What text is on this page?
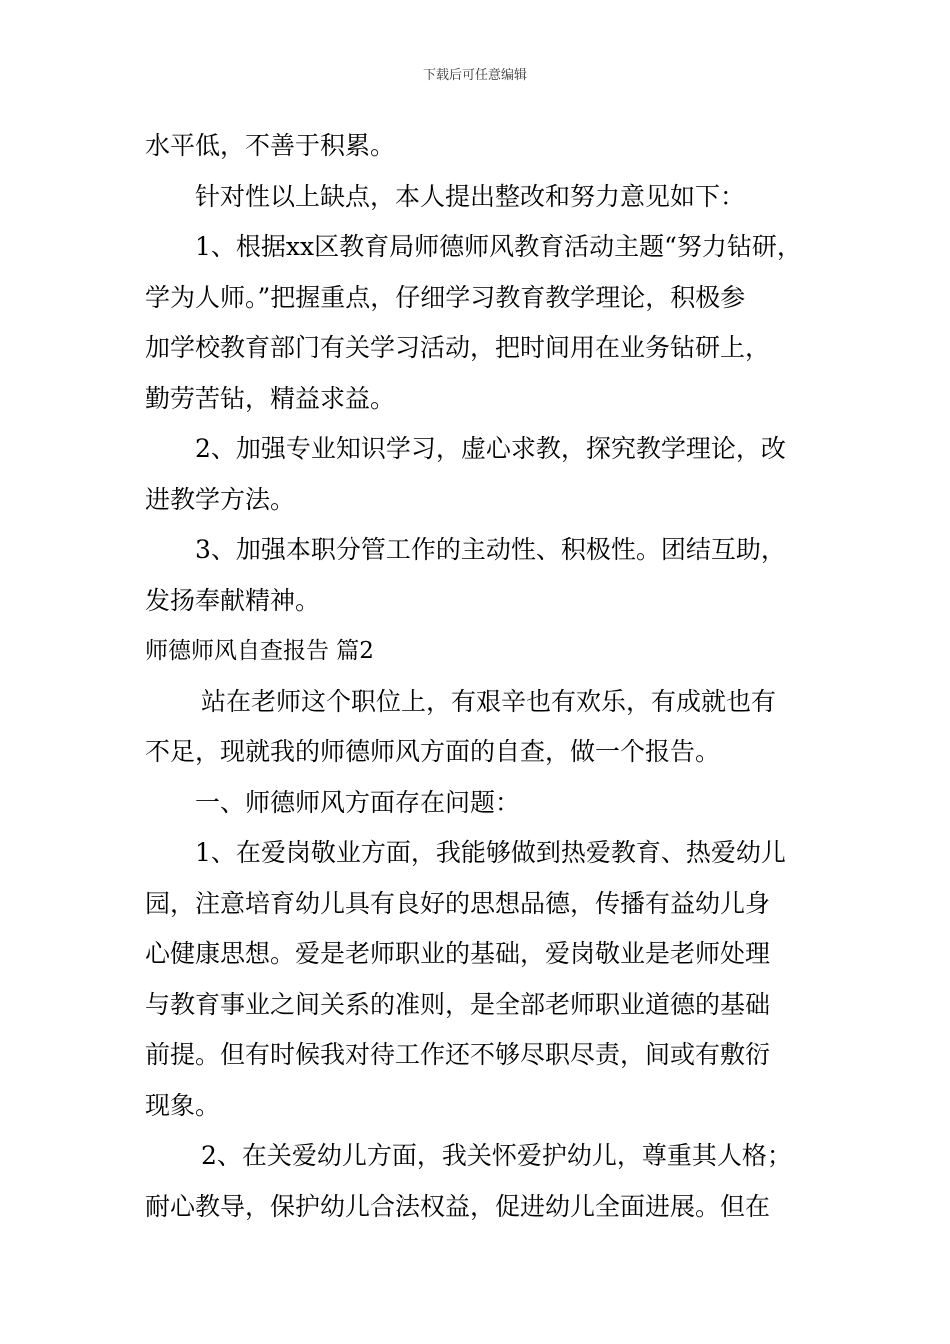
下载后可任意编辑
水平低，不善于积累。
针对性以上缺点，本人提出整改和努力意见如下：
1、根据xx区教育局师德师风教育活动主题“努力钻研，
学为人师。”把握重点，仔细学习教育教学理论，积极参
加学校教育部门有关学习活动，把时间用在业务钻研上，
勤劳苦钻，精益求益。
2、加强专业知识学习，虚心求教，探究教学理论，改
进教学方法。
3、加强本职分管工作的主动性、积极性。团结互助，
发扬奉献精神。
师德师风自查报告 篇2
站在老师这个职位上，有艰辛也有欢乐，有成就也有
不足，现就我的师德师风方面的自查，做一个报告。
一、师德师风方面存在问题：
1、在爱岗敬业方面，我能够做到热爱教育、热爱幼儿
园，注意培育幼儿具有良好的思想品德，传播有益幼儿身
心健康思想。爱是老师职业的基础，爱岗敬业是老师处理
与教育事业之间关系的准则，是全部老师职业道德的基础
前提。但有时候我对待工作还不够尽职尽责，间或有敷衍
现象。
2、在关爱幼儿方面，我关怀爱护幼儿，尊重其人格；
耐心教导，保护幼儿合法权益，促进幼儿全面进展。但在
